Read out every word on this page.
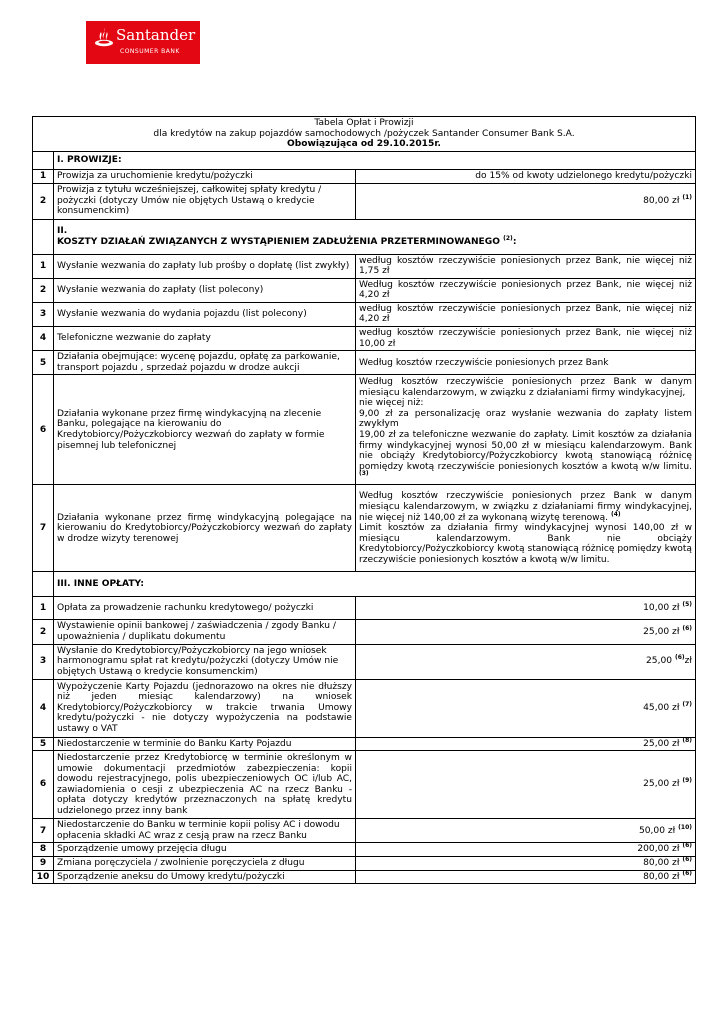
Santander
CONSUMER BANK
Tabela Opłat i Prowizji
dla kredytów na zakup pojazdów samochodowych /pożyczek Santander Consumer Bank S.A.
Obowiązująca od 29.10.2015r.		

	I. PROWIZJE:	
1	Prowizja za uruchomienie kredytu/pożyczki	do 15% od kwoty udzielonego kredytu/pożyczki
2	Prowizja z tytułu wcześniejszej, całkowitej spłaty kredytu / pożyczki (dotyczy Umów nie objętych Ustawą o kredycie konsumenckim)	80,00 zł $^{(1)}$

	II.
KOSZTY DZIAŁAŃ ZWIĄZANYCH Z WYSTĄPIENIEM ZADŁUŻENIA PRZETERMINOWANEGO $^{(2)}$:	

1	Wysłanie wezwania do zapłaty lub prośby o dopłatę (list zwykły)	według kosztów rzeczywiście poniesionych przez Bank, nie więcej niż 1,75 zł
2	Wysłanie wezwania do zapłaty (list polecony)	Według kosztów rzeczywiście poniesionych przez Bank, nie więcej niż 4,20 zł
3	Wysłanie wezwania do wydania pojazdu (list polecony)	według kosztów rzeczywiście poniesionych przez Bank, nie więcej niż 4,20 zł
4	Telefoniczne wezwanie do zapłaty	według kosztów rzeczywiście poniesionych przez Bank, nie więcej niż 10,00 zł
5	Działania obejmujące: wycenę pojazdu, opłatę za parkowanie, transport pojazdu , sprzedaż pojazdu w drodze aukcji	Według kosztów rzeczywiście poniesionych przez Bank
6	Działania wykonane przez firmę windykacyjną na zlecenie Banku, polegające na kierowaniu do Kredytobiorcy/Pożyczkobiorcy wezwań do zapłaty w formie pisemnej lub telefonicznej	Według kosztów rzeczywiście poniesionych przez Bank w danym miesiącu kalendarzowym, w związku z działaniami firmy windykacyjnej,
nie więcej niż:
9,00 zł za personalizację oraz wysłanie wezwania do zapłaty listem zwykłym
19,00 zł za telefoniczne wezwanie do zapłaty. Limit kosztów za działania firmy windykacyjnej wynosi 50,00 zł w miesiącu kalendarzowym. Bank nie obciąży Kredytobiorcy/Pożyczkobiorcy kwotą stanowiącą różnicę pomiędzy kwotą rzeczywiście poniesionych kosztów a kwotą w/w limitu. $^{(3)}$

7	Działania wykonane przez firmę windykacyjną polegające na kierowaniu do Kredytobiorcy/Pożyczkobiorcy wezwań do zapłaty w drodze wizyty terenowej	Według kosztów rzeczywiście poniesionych przez Bank w danym miesiącu kalendarzowym, w związku z działaniami firmy windykacyjnej, nie więcej niż 140,00 zł za wykonaną wizytę terenową. $^{(4)}$
Limit kosztów za działania firmy windykacyjnej wynosi 140,00 zł w miesiącu kalendarzowym. Bank nie obciąży Kredytobiorcy/Pożyczkobiorcy kwotą stanowiącą różnicę pomiędzy kwotą rzeczywiście poniesionych kosztów a kwotą w/w limitu.

	III. INNE OPŁATY:	
1	Opłata za prowadzenie rachunku kredytowego/ pożyczki	10,00 zł $^{(5)}$
2	Wystawienie opinii bankowej / zaświadczenia / zgody Banku / upoważnienia / duplikatu dokumentu	25,00 zł $^{(6)}$
3	Wysłanie do Kredytobiorcy/Pożyczkobiorcy na jego wniosek harmonogramu spłat rat kredytu/pożyczki (dotyczy Umów nie objętych Ustawą o kredycie konsumenckim)	25,00 $^{(6)}$zł
4	Wypożyczenie Karty Pojazdu (jednorazowo na okres nie dłuższy niż jeden miesiąc kalendarzowy) na wniosek Kredytobiorcy/Pożyczkobiorcy w trakcie trwania Umowy kredytu/pożyczki - nie dotyczy wypożyczenia na podstawie ustawy o VAT	45,00 zł $^{(7)}$
5	Niedostarczenie w terminie do Banku Karty Pojazdu	25,00 zł $^{(8)}$
6	Niedostarczenie przez Kredytobiorcę w terminie określonym w umowie dokumentacji przedmiotów zabezpieczenia: kopii dowodu rejestracyjnego, polis ubezpieczeniowych OC i/lub AC, zawiadomienia o cesji z ubezpieczenia AC na rzecz Banku - opłata dotyczy kredytów przeznaczonych na spłatę kredytu udzielonego przez inny bank	25,00 zł $^{(9)}$
7	Niedostarczenie do Banku w terminie kopii polisy AC i dowodu opłacenia składki AC wraz z cesją praw na rzecz Banku	50,00 zł $^{(10)}$
8	Sporządzenie umowy przejęcia długu	200,00 zł $^{(6)}$
9	Zmiana poręczyciela / zwolnienie poręczyciela z długu	80,00 zł $^{(6)}$
10	Sporządzenie aneksu do Umowy kredytu/pożyczki	80,00 zł $^{(6)}$
